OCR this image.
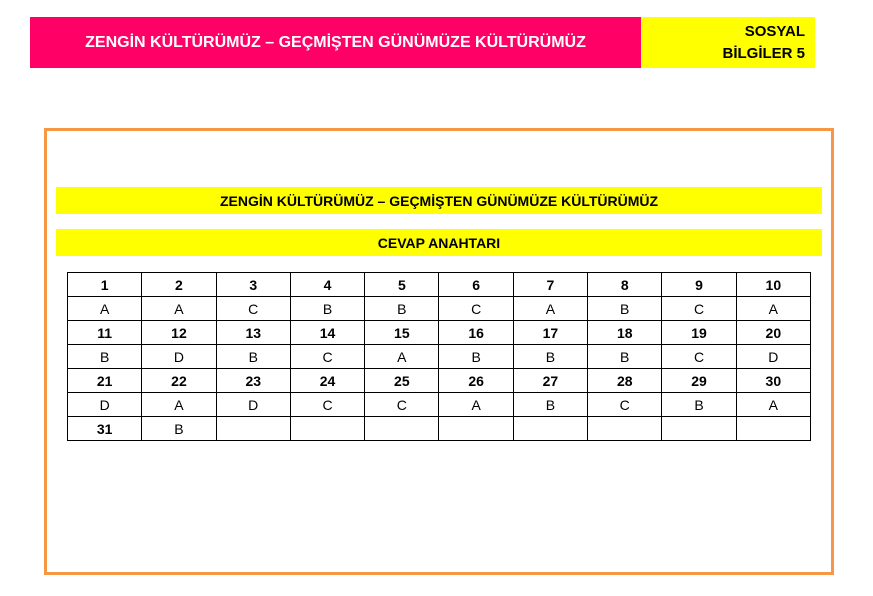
ZENGİN KÜLTÜRÜMÜZ – GEÇMİŞTEN GÜNÜMÜZE KÜLTÜRÜMÜZ
SOSYAL
BİLGİLER 5
ZENGİN KÜLTÜRÜMÜZ – GEÇMİŞTEN GÜNÜMÜZE KÜLTÜRÜMÜZ
CEVAP ANAHTARI
1	2	3	4	5	6	7	8	9	10
A	A	C	B	B	C	A	B	C	A
11	12	13	14	15	16	17	18	19	20
B	D	B	C	A	B	B	B	C	D
21	22	23	24	25	26	27	28	29	30
D	A	D	C	C	A	B	C	B	A
31	B								
